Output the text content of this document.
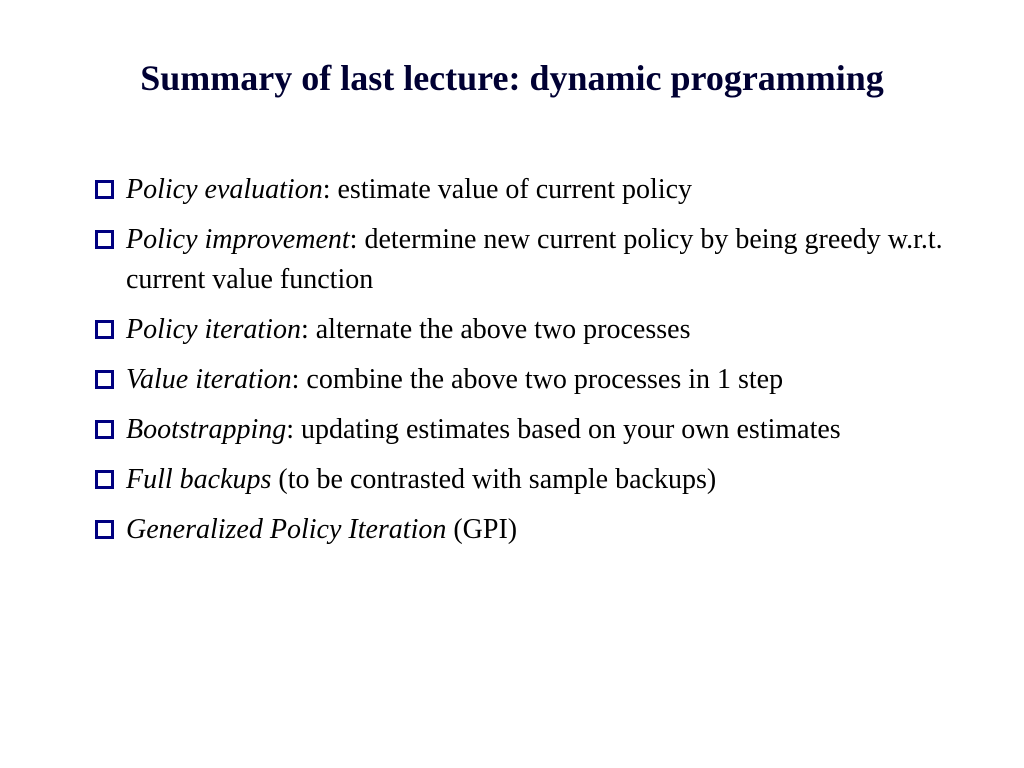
Summary of last lecture: dynamic programming
Policy evaluation: estimate value of current policy
Policy improvement: determine new current policy by being greedy w.r.t. current value function
Policy iteration: alternate the above two processes
Value iteration: combine the above two processes in 1 step
Bootstrapping: updating estimates based on your own estimates
Full backups (to be contrasted with sample backups)
Generalized Policy Iteration (GPI)
